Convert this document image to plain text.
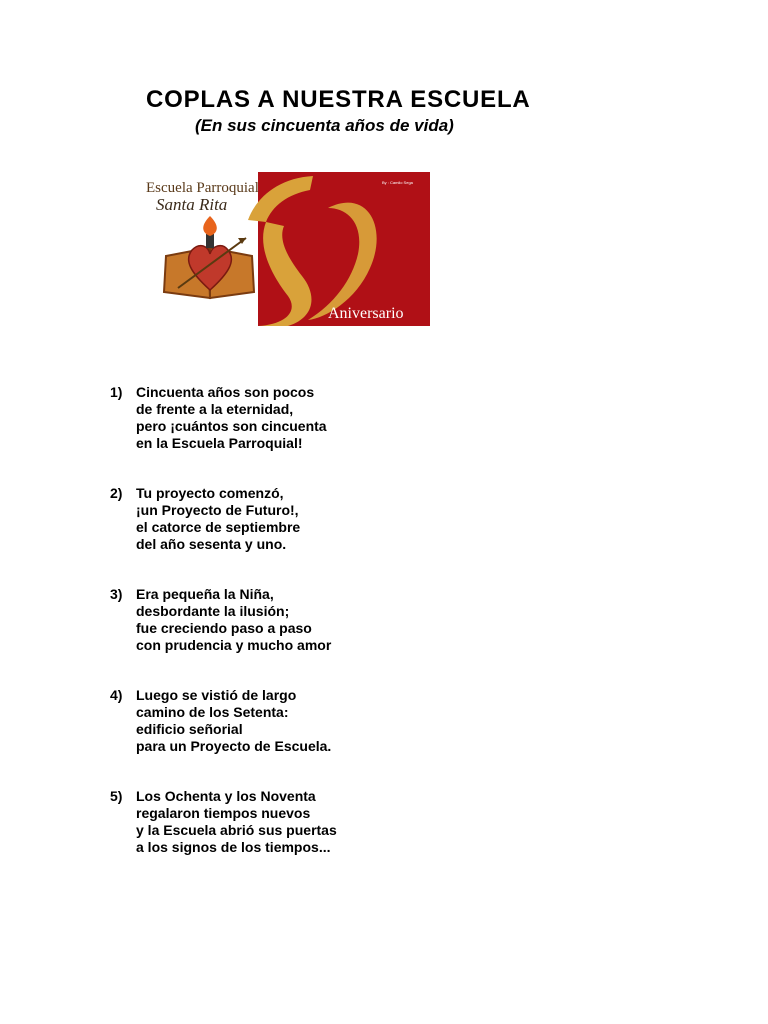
COPLAS A NUESTRA ESCUELA
(En sus cincuenta años de vida)
Escuela Parroquial
Santa Rita
Aniversario
By : Camilo Sega
1) Cincuenta años son pocos
de frente a la eternidad,
pero ¡cuántos son cincuenta
en la Escuela Parroquial!
2) Tu proyecto comenzó,
¡un Proyecto de Futuro!,
el catorce de septiembre
del año sesenta y uno.
3) Era pequeña la Niña,
desbordante la ilusión;
fue creciendo paso a paso
con prudencia y mucho amor
4) Luego se vistió de largo
camino de los Setenta:
edificio señorial
para un Proyecto de Escuela.
5) Los Ochenta y los Noventa
regalaron tiempos nuevos
y la Escuela abrió sus puertas
a los signos de los tiempos...
